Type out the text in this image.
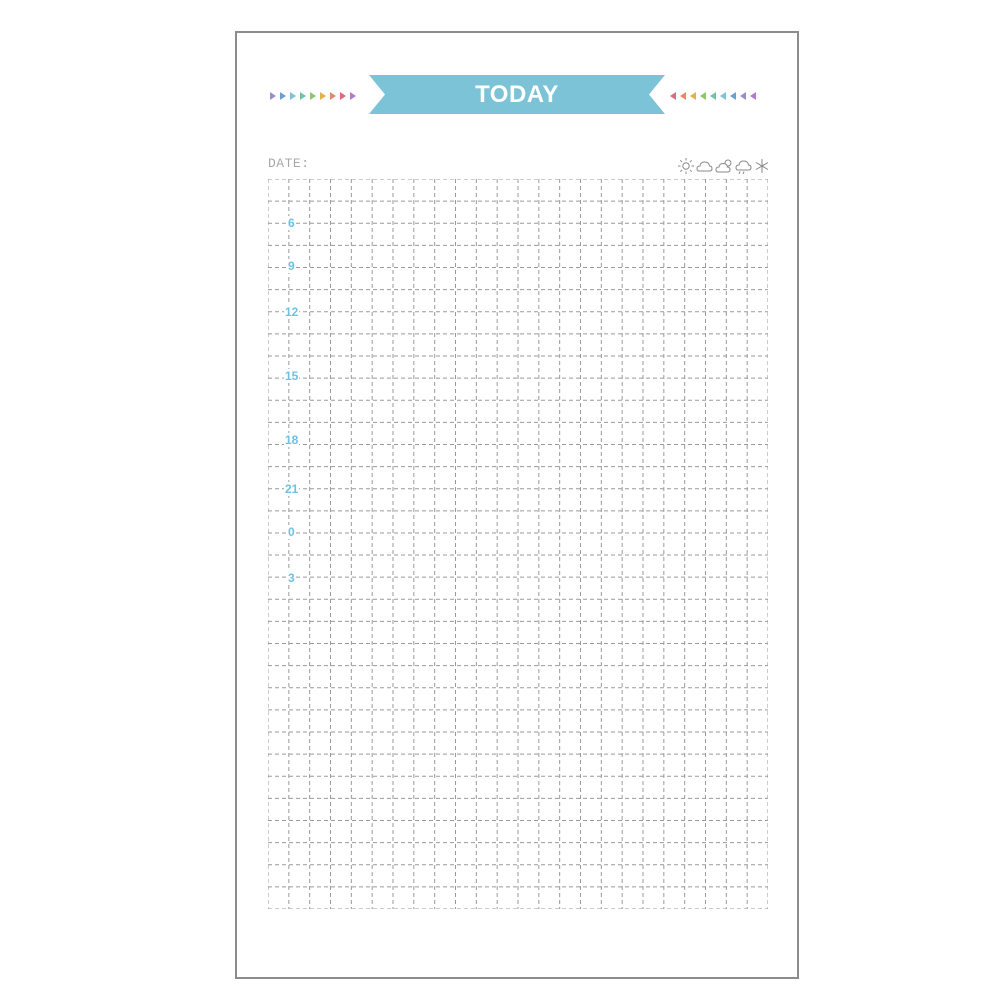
TODAY
DATE:
6
9
12
15
18
21
0
3
